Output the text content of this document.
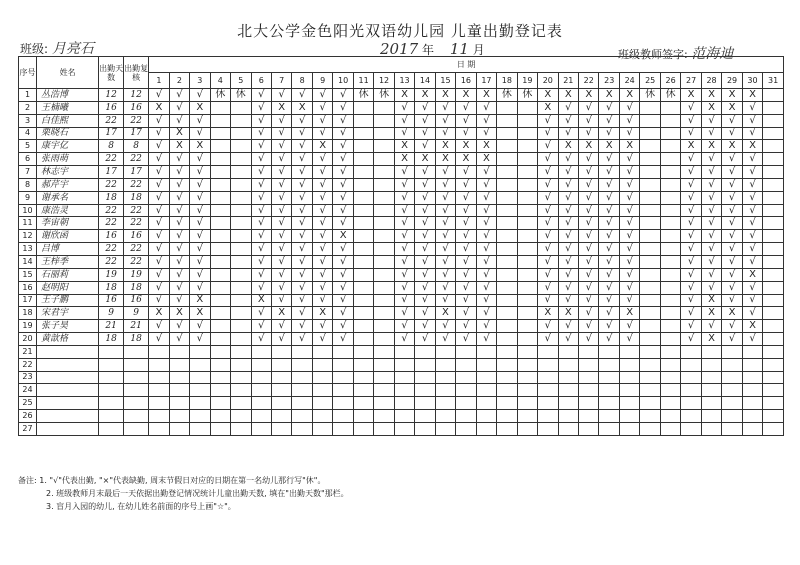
北大公学金色阳光双语幼儿园 儿童出勤登记表
班级: 月亮石	2017 年 11 月	班级教师签字: 范海迪
序号	姓名	出勤天数	出勤复核	日 期																														
				1	2	3	4	5	6	7	8	9	10	11	12	13	14	15	16	17	18	19	20	21	22	23	24	25	26	27	28	29	30	31
1	丛浩博	12	12	√	√	√	休	休	√	√	√	√	√	休	休	X	X	X	X	X	休	休	X	X	X	X	X	休	休	X	X	X	X	
2	王楠曦	16	16	X	√	X			√	X	X	√	√			√	√	√	√	√			X	√	√	√	√			√	X	X	√	
3	白佳熙	22	22	√	√	√			√	√	√	√	√			√	√	√	√	√			√	√	√	√	√			√	√	√	√	
4	栗晓石	17	17	√	X	√			√	√	√	√	√			√	√	√	√	√			√	√	√	√	√			√	√	√	√	
5	康宇亿	8	8	√	X	X			√	√	√	X	√			X	√	X	X	X			√	X	X	X	X			X	X	X	X	
6	张雨萌	22	22	√	√	√			√	√	√	√	√			X	X	X	X	X			√	√	√	√	√			√	√	√	√	
7	林志宇	17	17	√	√	√			√	√	√	√	√			√	√	√	√	√			√	√	√	√	√			√	√	√	√	
8	郝芹宇	22	22	√	√	√			√	√	√	√	√			√	√	√	√	√			√	√	√	√	√			√	√	√	√	
9	谢承名	18	18	√	√	√			√	√	√	√	√			√	√	√	√	√			√	√	√	√	√			√	√	√	√	
10	康浩灵	22	22	√	√	√			√	√	√	√	√			√	√	√	√	√			√	√	√	√	√			√	√	√	√	
11	李宙朝	22	22	√	√	√			√	√	√	√	√			√	√	√	√	√			√	√	√	√	√			√	√	√	√	
12	谢欣函	16	16	√	√	√			√	√	√	√	X			√	√	√	√	√			√	√	√	√	√			√	√	√	√	
13	吕博	22	22	√	√	√			√	√	√	√	√			√	√	√	√	√			√	√	√	√	√			√	√	√	√	
14	王梓季	22	22	√	√	√			√	√	√	√	√			√	√	√	√	√			√	√	√	√	√			√	√	√	√	
15	石丽莉	19	19	√	√	√			√	√	√	√	√			√	√	√	√	√			√	√	√	√	√			√	√	√	X	
16	赵明阳	18	18	√	√	√			√	√	√	√	√			√	√	√	√	√			√	√	√	√	√			√	√	√	√	
17	王子鹏	16	16	√	√	X			X	√	√	√	√			√	√	√	√	√			√	√	√	√	√			√	X	√	√	
18	宋君宇	9	9	X	X	X			√	X	√	X	√			√	√	X	√	√			X	X	√	√	X			√	X	X	√	
19	张子昊	21	21	√	√	√			√	√	√	√	√			√	√	√	√	√			√	√	√	√	√			√	√	√	X	
20	黄歆格	18	18	√	√	√			√	√	√	√	√			√	√	√	√	√			√	√	√	√	√			√	X	√	√	
21																																		
22																																		
23																																		
24																																		
25																																		
26																																		
27																																		
备注: 1. "√"代表出勤, "×"代表缺勤, 周末节假日对应的日期在第一名幼儿那行写"休"。
2. 班级教师月末最后一天依据出勤登记情况统计儿童出勤天数, 填在"出勤天数"那栏。
3. 盲月入园的幼儿, 在幼儿姓名前面的序号上画"☆"。
